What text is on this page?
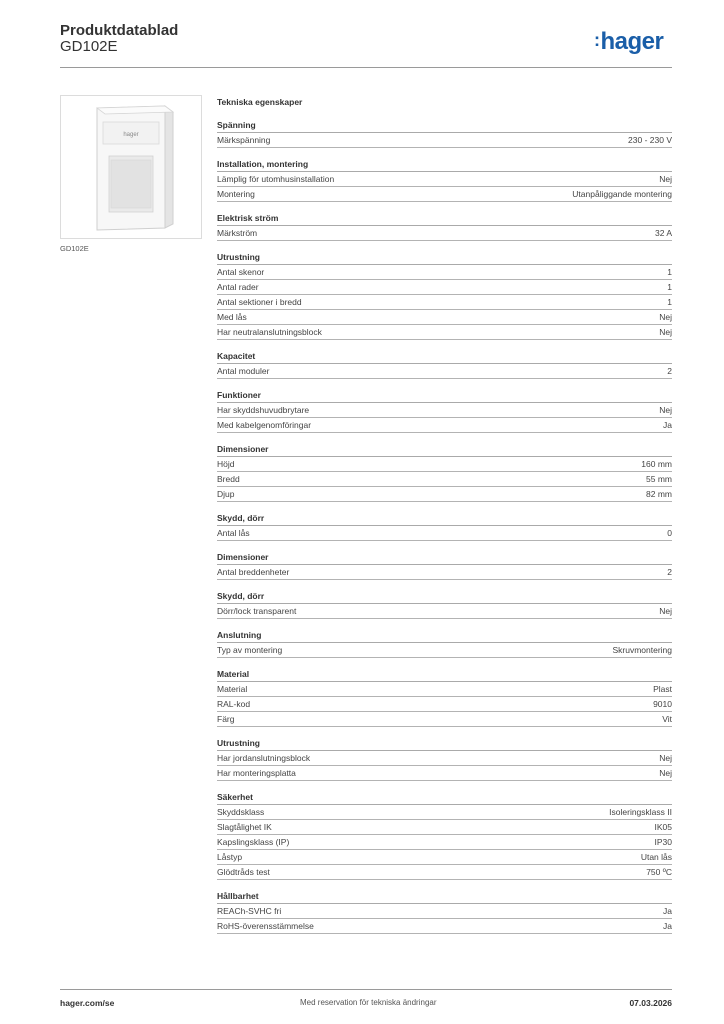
Produktdatablad
GD102E	:hager
hager
GD102E
Tekniska egenskaper
Spänning
Märkspänning	230 - 230 V
Installation, montering
Lämplig för utomhusinstallation	Nej
Montering	Utanpåliggande montering
Elektrisk ström
Märkström	32 A
Utrustning
Antal skenor	1
Antal rader	1
Antal sektioner i bredd	1
Med lås	Nej
Har neutralanslutningsblock	Nej
Kapacitet
Antal moduler	2
Funktioner
Har skyddshuvudbrytare	Nej
Med kabelgenomföringar	Ja
Dimensioner
Höjd	160 mm
Bredd	55 mm
Djup	82 mm
Skydd, dörr
Antal lås	0
Dimensioner
Antal breddenheter	2
Skydd, dörr
Dörr/lock transparent	Nej
Anslutning
Typ av montering	Skruvmontering
Material
Material	Plast
RAL-kod	9010
Färg	Vit
Utrustning
Har jordanslutningsblock	Nej
Har monteringsplatta	Nej
Säkerhet
Skyddsklass	Isoleringsklass II
Slagtålighet IK	IK05
Kapslingsklass (IP)	IP30
Låstyp	Utan lås
Glödtråds test	750 ºC
Hållbarhet
REACh-SVHC fri	Ja
RoHS-överensstämmelse	Ja
hager.com/se	Med reservation för tekniska ändringar	07.03.2026
